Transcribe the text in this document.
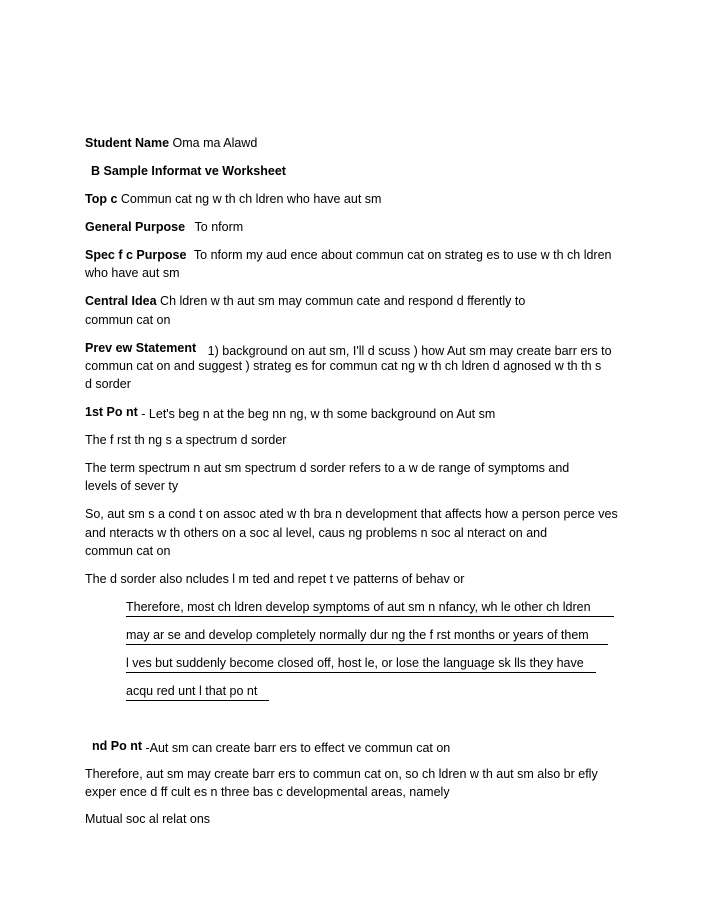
Student Name Oma ma Alawd
B Sample Informat ve Worksheet
Top c Commun cat ng w th ch ldren who have aut sm
General Purpose To nform
Spec f c Purpose To nform my aud ence about commun cat on strateg es to use w th ch ldren
who have aut sm
Central Idea Ch ldren w th aut sm may commun cate and respond d fferently to
commun cat on
Prev ew Statement 1) background on aut sm, I'll d scuss ) how Aut sm may create barr ers to
commun cat on and suggest ) strateg es for commun cat ng w th ch ldren d agnosed w th th s
d sorder
1st Po nt - Let's beg n at the beg nn ng, w th some background on Aut sm
The f rst th ng s a spectrum d sorder
The term spectrum n aut sm spectrum d sorder refers to a w de range of symptoms and
levels of sever ty
So, aut sm s a cond t on assoc ated w th bra n development that affects how a person perce ves
and nteracts w th others on a soc al level, caus ng problems n soc al nteract on and
commun cat on
The d sorder also ncludes l m ted and repet t ve patterns of behav or
Therefore, most ch ldren develop symptoms of aut sm n nfancy, wh le other ch ldren
may ar se and develop completely normally dur ng the f rst months or years of them
l ves but suddenly become closed off, host le, or lose the language sk lls they have
acqu red unt l that po nt
nd Po nt -Aut sm can create barr ers to effect ve commun cat on
Therefore, aut sm may create barr ers to commun cat on, so ch ldren w th aut sm also br efly
exper ence d ff cult es n three bas c developmental areas, namely
Mutual soc al relat ons
